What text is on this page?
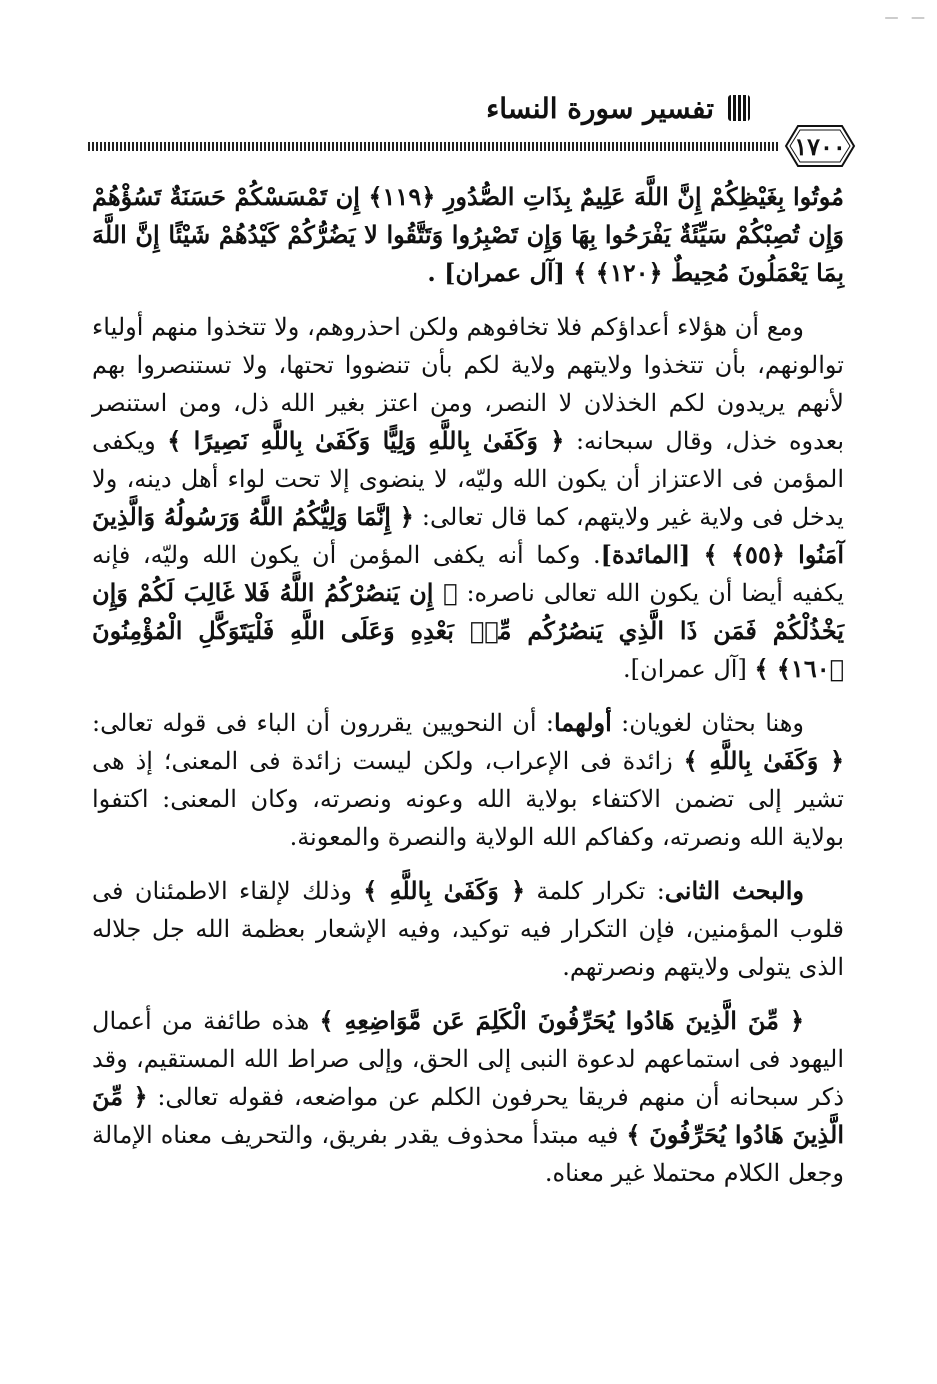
— —
تفسير سورة النساء
١٧٠٠

مُوتُوا بِغَيْظِكُمْ إِنَّ اللَّهَ عَلِيمٌ بِذَاتِ الصُّدُورِ ﴿١١٩﴾ إِن تَمْسَسْكُمْ حَسَنَةٌ تَسُؤْهُمْ وَإِن تُصِبْكُمْ سَيِّئَةٌ يَفْرَحُوا بِهَا وَإِن تَصْبِرُوا وَتَتَّقُوا لا يَضُرُّكُمْ كَيْدُهُمْ شَيْئًا إِنَّ اللَّهَ بِمَا يَعْمَلُونَ مُحِيطٌ ﴿١٢٠﴾ ﴾ [آل عمران] .

ومع أن هؤلاء أعداؤكم فلا تخافوهم ولكن احذروهم، ولا تتخذوا منهم أولياء توالونهم، بأن تتخذوا ولايتهم ولاية لكم بأن تنضووا تحتها، ولا تستنصروا بهم لأنهم يريدون لكم الخذلان لا النصر، ومن اعتز بغير الله ذل، ومن استنصر بعدوه خذل، وقال سبحانه: ﴿ وَكَفَىٰ بِاللَّهِ وَلِيًّا وَكَفَىٰ بِاللَّهِ نَصِيرًا ﴾ ويكفى المؤمن فى الاعتزاز أن يكون الله وليّه، لا ينضوى إلا تحت لواء أهل دينه، ولا يدخل فى ولاية غير ولايتهم، كما قال تعالى: ﴿ إِنَّمَا وَلِيُّكُمُ اللَّهُ وَرَسُولُهُ وَالَّذِينَ آمَنُوا ﴿٥٥﴾ ﴾ [المائدة]. وكما أنه يكفى المؤمن أن يكون الله وليّه، فإنه يكفيه أيضا أن يكون الله تعالى ناصره: ﴿ إِن يَنصُرْكُمُ اللَّهُ فَلا غَالِبَ لَكُمْ وَإِن يَخْذُلْكُمْ فَمَن ذَا الَّذِي يَنصُرُكُم مِّنۢ بَعْدِهِ وَعَلَى اللَّهِ فَلْيَتَوَكَّلِ الْمُؤْمِنُونَ ﴿١٦٠﴾ ﴾ [آل عمران].

وهنا بحثان لغويان: أولهما: أن النحويين يقررون أن الباء فى قوله تعالى: ﴿ وَكَفَىٰ بِاللَّهِ ﴾ زائدة فى الإعراب، ولكن ليست زائدة فى المعنى؛ إذ هى تشير إلى تضمن الاكتفاء بولاية الله وعونه ونصرته، وكان المعنى: اكتفوا بولاية الله ونصرته، وكفاكم الله الولاية والنصرة والمعونة.

والبحث الثانى: تكرار كلمة ﴿ وَكَفَىٰ بِاللَّهِ ﴾ وذلك لإلقاء الاطمئنان فى قلوب المؤمنين، فإن التكرار فيه توكيد، وفيه الإشعار بعظمة الله جل جلاله الذى يتولى ولايتهم ونصرتهم.

﴿ مِّنَ الَّذِينَ هَادُوا يُحَرِّفُونَ الْكَلِمَ عَن مَّوَاضِعِهِ ﴾ هذه طائفة من أعمال اليهود فى استماعهم لدعوة النبى إلى الحق، وإلى صراط الله المستقيم، وقد ذكر سبحانه أن منهم فريقا يحرفون الكلم عن مواضعه، فقوله تعالى: ﴿ مِّنَ الَّذِينَ هَادُوا يُحَرِّفُونَ ﴾ فيه مبتدأ محذوف يقدر بفريق، والتحريف معناه الإمالة وجعل الكلام محتملا غير معناه.
